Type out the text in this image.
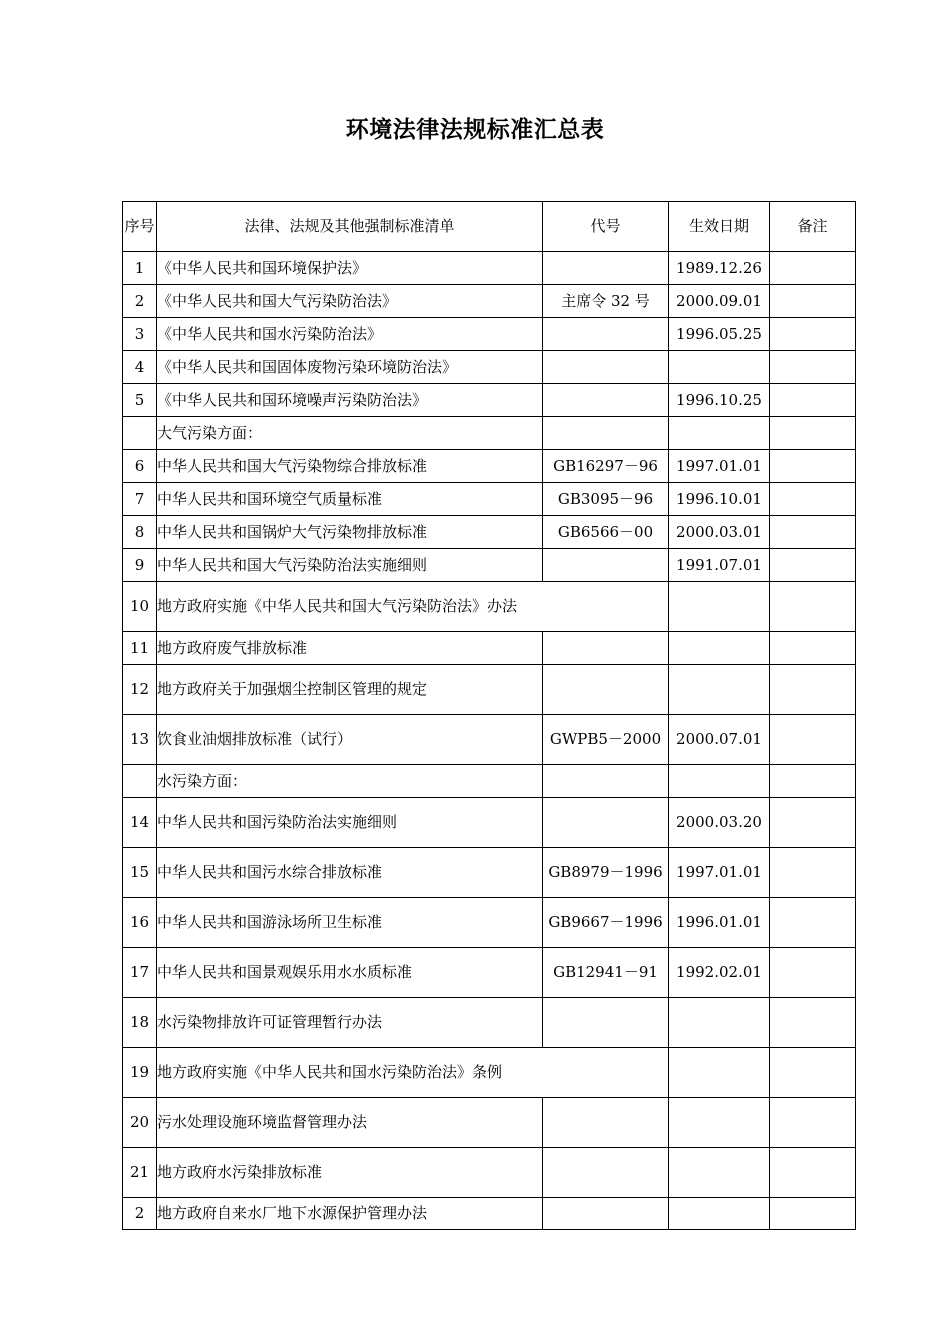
环境法律法规标准汇总表
序号	法律、法规及其他强制标准清单	代号	生效日期	备注
1	《中华人民共和国环境保护法》		1989.12.26	
2	《中华人民共和国大气污染防治法》	主席令 32 号	2000.09.01	
3	《中华人民共和国水污染防治法》		1996.05.25	
4	《中华人民共和国固体废物污染环境防治法》			
5	《中华人民共和国环境噪声污染防治法》		1996.10.25	
	大气污染方面：			
6	中华人民共和国大气污染物综合排放标准	GB16297－96	1997.01.01	
7	中华人民共和国环境空气质量标准	GB3095－96	1996.10.01	
8	中华人民共和国锅炉大气污染物排放标准	GB6566－00	2000.03.01	
9	中华人民共和国大气污染防治法实施细则		1991.07.01	
10	地方政府实施《中华人民共和国大气污染防治法》办法			
11	地方政府废气排放标准			
12	地方政府关于加强烟尘控制区管理的规定			
13	饮食业油烟排放标准（试行）	GWPB5－2000	2000.07.01	
	水污染方面：			
14	中华人民共和国污染防治法实施细则		2000.03.20	
15	中华人民共和国污水综合排放标准	GB8979－1996	1997.01.01	
16	中华人民共和国游泳场所卫生标准	GB9667－1996	1996.01.01	
17	中华人民共和国景观娱乐用水水质标准	GB12941－91	1992.02.01	
18	水污染物排放许可证管理暂行办法			
19	地方政府实施《中华人民共和国水污染防治法》条例			
20	污水处理设施环境监督管理办法			
21	地方政府水污染排放标准			
2	地方政府自来水厂地下水源保护管理办法			
